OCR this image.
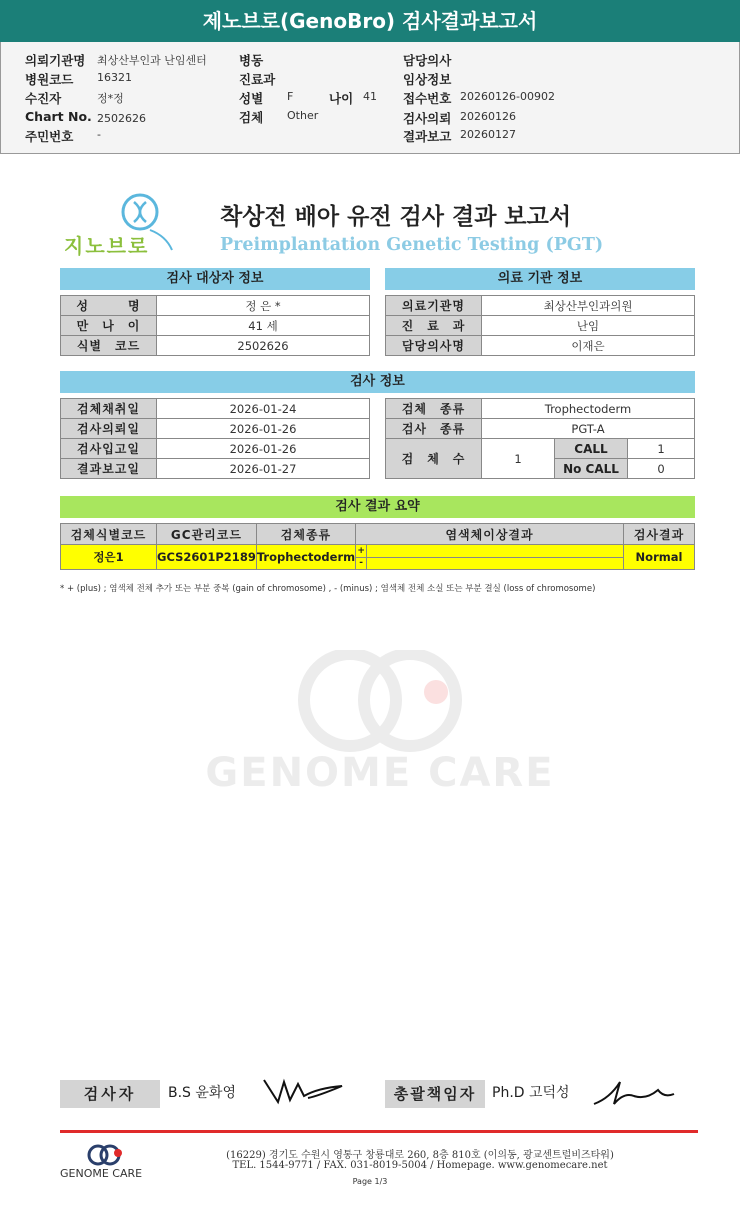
제노브로(GenoBro) 검사결과보고서
의뢰기관명 최상산부인과 난임센터
병원코드 16321
수진자	정*정
Chart No. 2502626
주민번호 -
병동
진료과
성별 F
검체 Other
나이 41
담당의사
임상정보
접수번호 20260126-00902
검사의뢰 20260126
결과보고 20260127
지노브로
착상전 배아 유전 검사 결과 보고서
Preimplantation Genetic Testing (PGT)
검사 대상자 정보
성　　　명	정 은 *
만　나　이	41 세
식별　코드	2502626
의료 기관 정보
의료기관명	최상산부인과의원
진　료　과	난임
담당의사명	이재은
검사 정보
검체채취일	2026-01-24
검사의뢰일	2026-01-26
검사입고일	2026-01-26
결과보고일	2026-01-27
검체　종류	Trophectoderm		
검사　종류	PGT-A		
검　체　수	1	CALL	1
		No CALL	0
검사 결과 요약
검체식별코드	GC관리코드	검체종류	염색체이상결과		검사결과
정은1	GCS2601P2189	Trophectoderm	+		Normal
			-		
* + (plus) ; 염색체 전체 추가 또는 부분 중복 (gain of chromosome) , - (minus) ; 염색체 전체 소실 또는 부분 결실 (loss of chromosome)
GENOME CARE
검사자	B.S 윤화영	총괄책임자	Ph.D 고덕성
GENOME CARE
(16229) 경기도 수원시 영통구 창룡대로 260, 8층 810호 (이의동, 광교센트럴비즈타워)
TEL. 1544-9771 / FAX. 031-8019-5004 / Homepage. www.genomecare.net
Page 1/3
